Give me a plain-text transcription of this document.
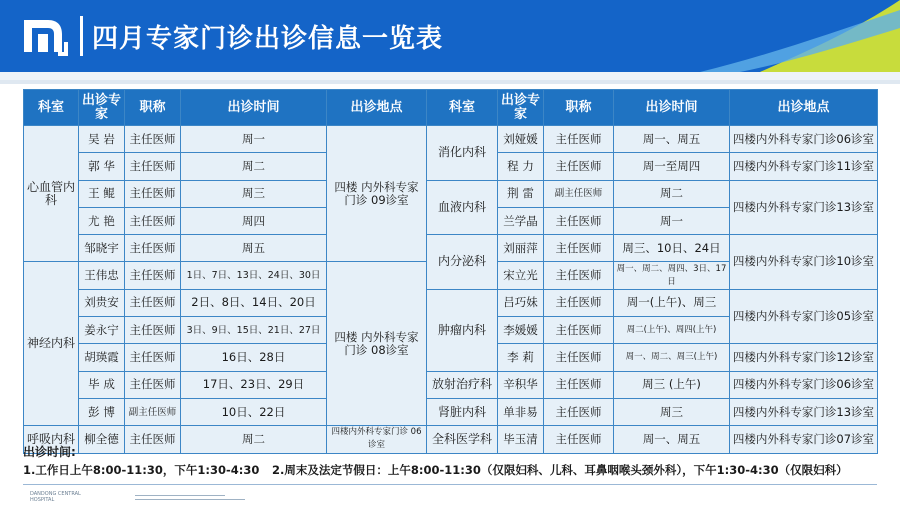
四月专家门诊出诊信息一览表
科室	出诊专家	职称	出诊时间	出诊地点		科室	出诊专家	职称	出诊时间	出诊地点
心血管内科	吴 岩	主任医师	周一	四楼 内外科专家门诊 09诊室		消化内科	刘娅媛	主任医师	周一、周五	四楼内外科专家门诊06诊室
	郭 华	主任医师	周二			程 力	主任医师	周一至周四	四楼内外科专家门诊11诊室
	王 鲲	主任医师	周三		血液内科	荆 雷	副主任医师	周二	四楼内外科专家门诊13诊室
	尤 艳	主任医师	周四			兰学晶	主任医师	周一	
	邹晓宇	主任医师	周五		内分泌科	刘丽萍	主任医师	周三、10日、24日	四楼内外科专家门诊10诊室
神经内科	王伟忠	主任医师	1日、7日、13日、24日、30日	四楼 内外科专家门诊 08诊室		宋立光	主任医师	周一、周二、周四、3日、17日	
	刘贵安	主任医师	2日、8日、14日、20日		肿瘤内科	吕巧妹	主任医师	周一(上午)、周三	四楼内外科专家门诊05诊室
	姜永宁	主任医师	3日、9日、15日、21日、27日			李媛媛	主任医师	周二(上午)、周四(上午)	
	胡瑛霞	主任医师	16日、28日			李 莉	主任医师	周一、周二、周三(上午)	四楼内外科专家门诊12诊室
	毕 成	主任医师	17日、23日、29日		放射治疗科	辛积华	主任医师	周三 (上午)	四楼内外科专家门诊06诊室
	彭 博	副主任医师	10日、22日		肾脏内科	单非易	主任医师	周三	四楼内外科专家门诊13诊室
呼吸内科	柳全德	主任医师	周二	四楼内外科专家门诊 06诊室		全科医学科	毕玉清	主任医师	周一、周五	四楼内外科专家门诊07诊室
出诊时间:
1.工作日上午8:00-11:30，下午1:30-4:30 2.周末及法定节假日：上午8:00-11:30（仅限妇科、儿科、耳鼻咽喉头颈外科），下午1:30-4:30（仅限妇科）
DANDONG CENTRAL HOSPITAL
